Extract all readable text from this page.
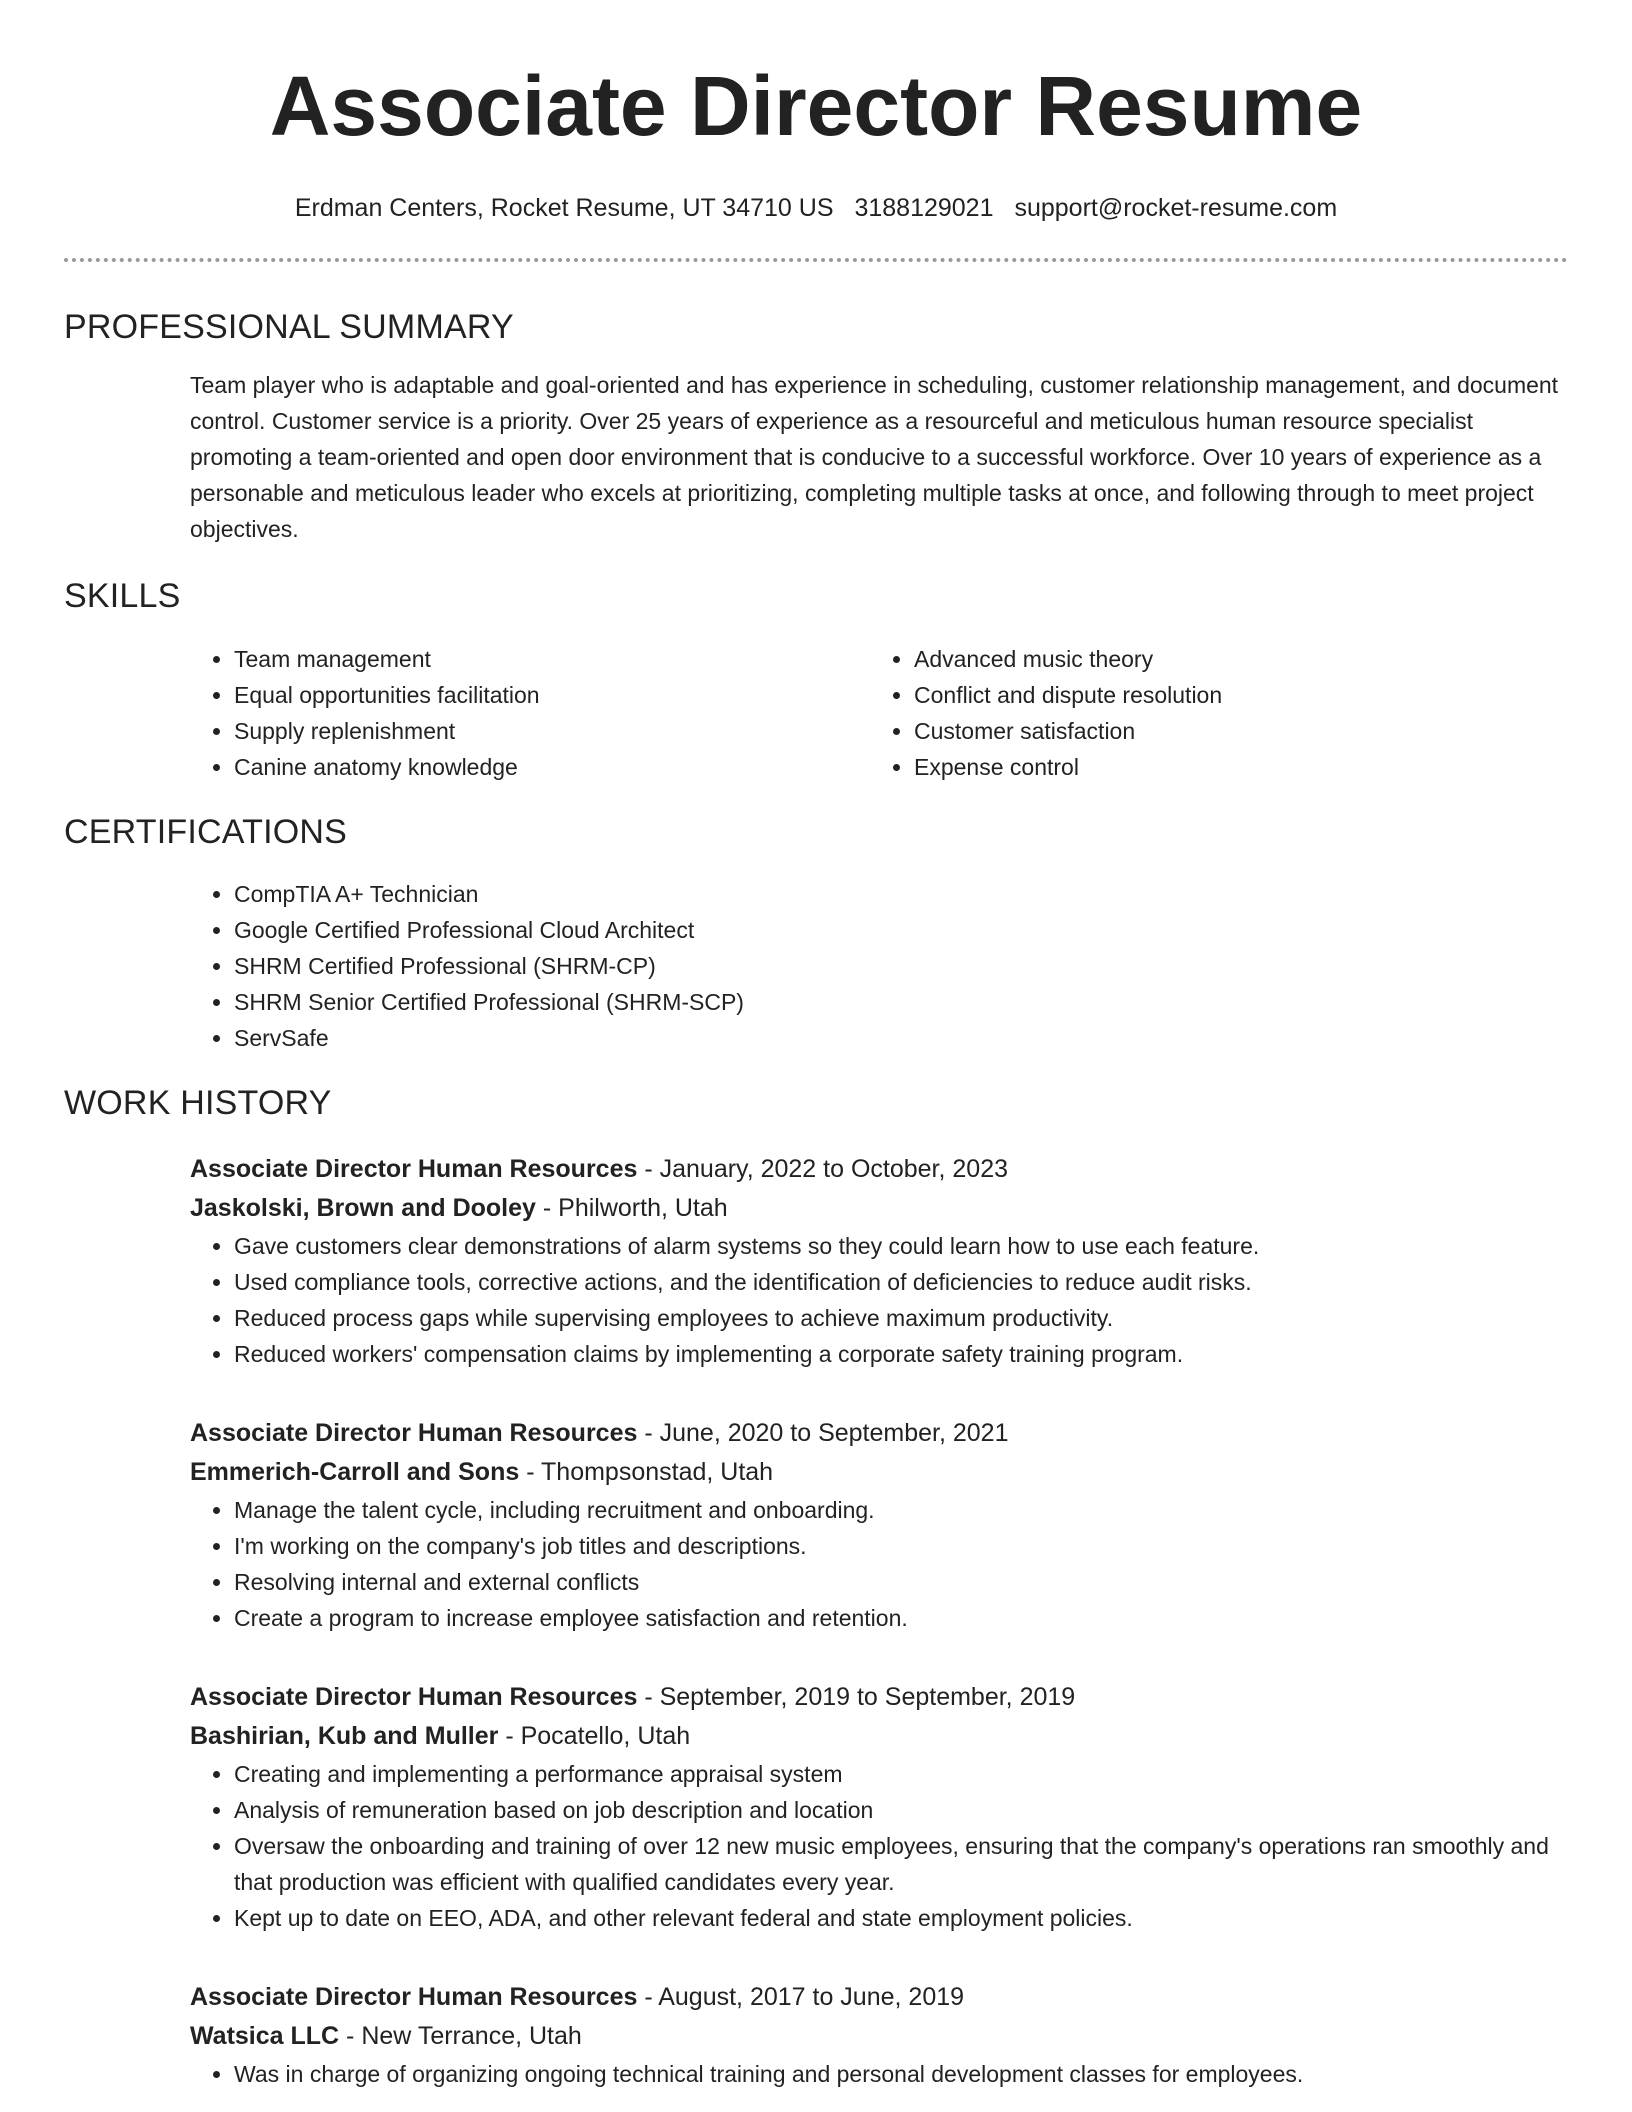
Associate Director Resume
Erdman Centers, Rocket Resume, UT 34710 US 3188129021 support@rocket-resume.com
PROFESSIONAL SUMMARY

Team player who is adaptable and goal-oriented and has experience in scheduling, customer relationship management, and document control. Customer service is a priority. Over 25 years of experience as a resourceful and meticulous human resource specialist promoting a team-oriented and open door environment that is conducive to a successful workforce. Over 10 years of experience as a personable and meticulous leader who excels at prioritizing, completing multiple tasks at once, and following through to meet project objectives.

SKILLS
• Team management
• Equal opportunities facilitation
• Supply replenishment
• Canine anatomy knowledge
• Advanced music theory
• Conflict and dispute resolution
• Customer satisfaction
• Expense control
CERTIFICATIONS
• CompTIA A+ Technician
• Google Certified Professional Cloud Architect
• SHRM Certified Professional (SHRM-CP)
• SHRM Senior Certified Professional (SHRM-SCP)
• ServSafe
WORK HISTORY
Associate Director Human Resources - January, 2022 to October, 2023
Jaskolski, Brown and Dooley - Philworth, Utah
• Gave customers clear demonstrations of alarm systems so they could learn how to use each feature.
• Used compliance tools, corrective actions, and the identification of deficiencies to reduce audit risks.
• Reduced process gaps while supervising employees to achieve maximum productivity.
• Reduced workers' compensation claims by implementing a corporate safety training program.
Associate Director Human Resources - June, 2020 to September, 2021
Emmerich-Carroll and Sons - Thompsonstad, Utah
• Manage the talent cycle, including recruitment and onboarding.
• I'm working on the company's job titles and descriptions.
• Resolving internal and external conflicts
• Create a program to increase employee satisfaction and retention.
Associate Director Human Resources - September, 2019 to September, 2019
Bashirian, Kub and Muller - Pocatello, Utah
• Creating and implementing a performance appraisal system
• Analysis of remuneration based on job description and location
• Oversaw the onboarding and training of over 12 new music employees, ensuring that the company's operations ran smoothly and that production was efficient with qualified candidates every year.
• Kept up to date on EEO, ADA, and other relevant federal and state employment policies.
Associate Director Human Resources - August, 2017 to June, 2019
Watsica LLC - New Terrance, Utah
• Was in charge of organizing ongoing technical training and personal development classes for employees.
